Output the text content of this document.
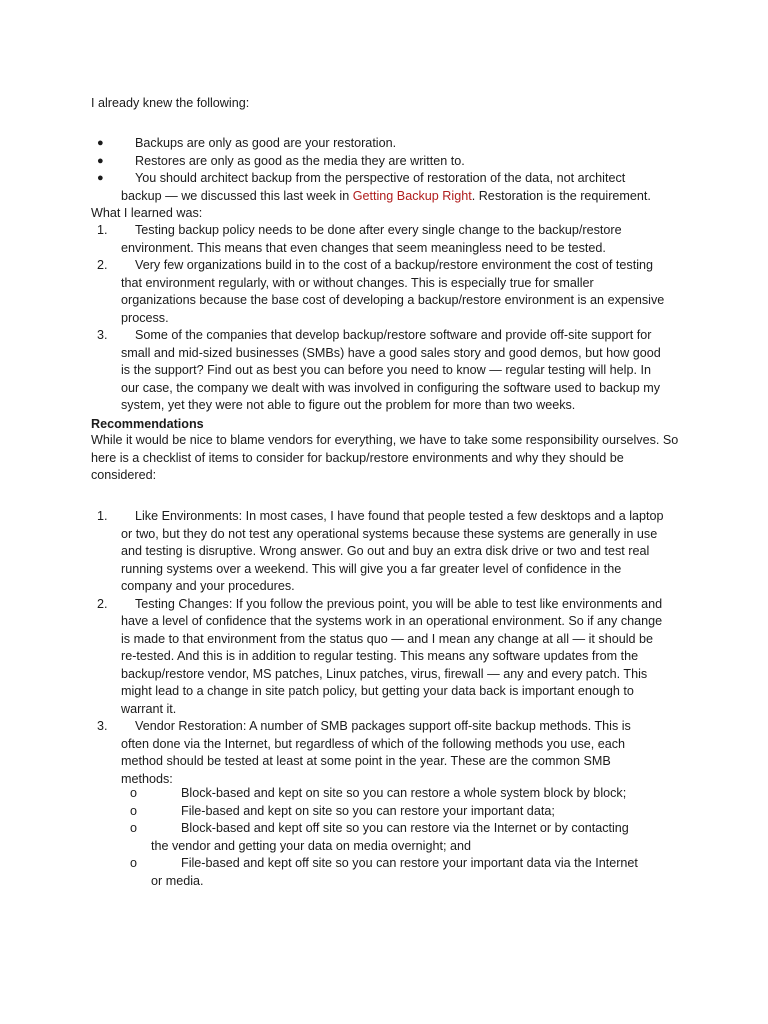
I already knew the following:
●	Backups are only as good are your restoration.
●	Restores are only as good as the media they are written to.
●	You should architect backup from the perspective of restoration of the data, not architect
backup — we discussed this last week in Getting Backup Right. Restoration is the requirement.
What I learned was:
1.	Testing backup policy needs to be done after every single change to the backup/restore
environment. This means that even changes that seem meaningless need to be tested.
2.	Very few organizations build in to the cost of a backup/restore environment the cost of testing
that environment regularly, with or without changes. This is especially true for smaller
organizations because the base cost of developing a backup/restore environment is an expensive
process.
3.	Some of the companies that develop backup/restore software and provide off-site support for
small and mid-sized businesses (SMBs) have a good sales story and good demos, but how good
is the support? Find out as best you can before you need to know — regular testing will help. In
our case, the company we dealt with was involved in configuring the software used to backup my
system, yet they were not able to figure out the problem for more than two weeks.
Recommendations
While it would be nice to blame vendors for everything, we have to take some responsibility ourselves. So
here is a checklist of items to consider for backup/restore environments and why they should be
considered:
1.	Like Environments: In most cases, I have found that people tested a few desktops and a laptop
or two, but they do not test any operational systems because these systems are generally in use
and testing is disruptive. Wrong answer. Go out and buy an extra disk drive or two and test real
running systems over a weekend. This will give you a far greater level of confidence in the
company and your procedures.
2.	Testing Changes: If you follow the previous point, you will be able to test like environments and
have a level of confidence that the systems work in an operational environment. So if any change
is made to that environment from the status quo — and I mean any change at all — it should be
re-tested. And this is in addition to regular testing. This means any software updates from the
backup/restore vendor, MS patches, Linux patches, virus, firewall — any and every patch. This
might lead to a change in site patch policy, but getting your data back is important enough to
warrant it.
3.	Vendor Restoration: A number of SMB packages support off-site backup methods. This is
often done via the Internet, but regardless of which of the following methods you use, each
method should be tested at least at some point in the year. These are the common SMB
methods:
o	Block-based and kept on site so you can restore a whole system block by block;
o	File-based and kept on site so you can restore your important data;
o	Block-based and kept off site so you can restore via the Internet or by contacting
the vendor and getting your data on media overnight; and
o	File-based and kept off site so you can restore your important data via the Internet
or media.
